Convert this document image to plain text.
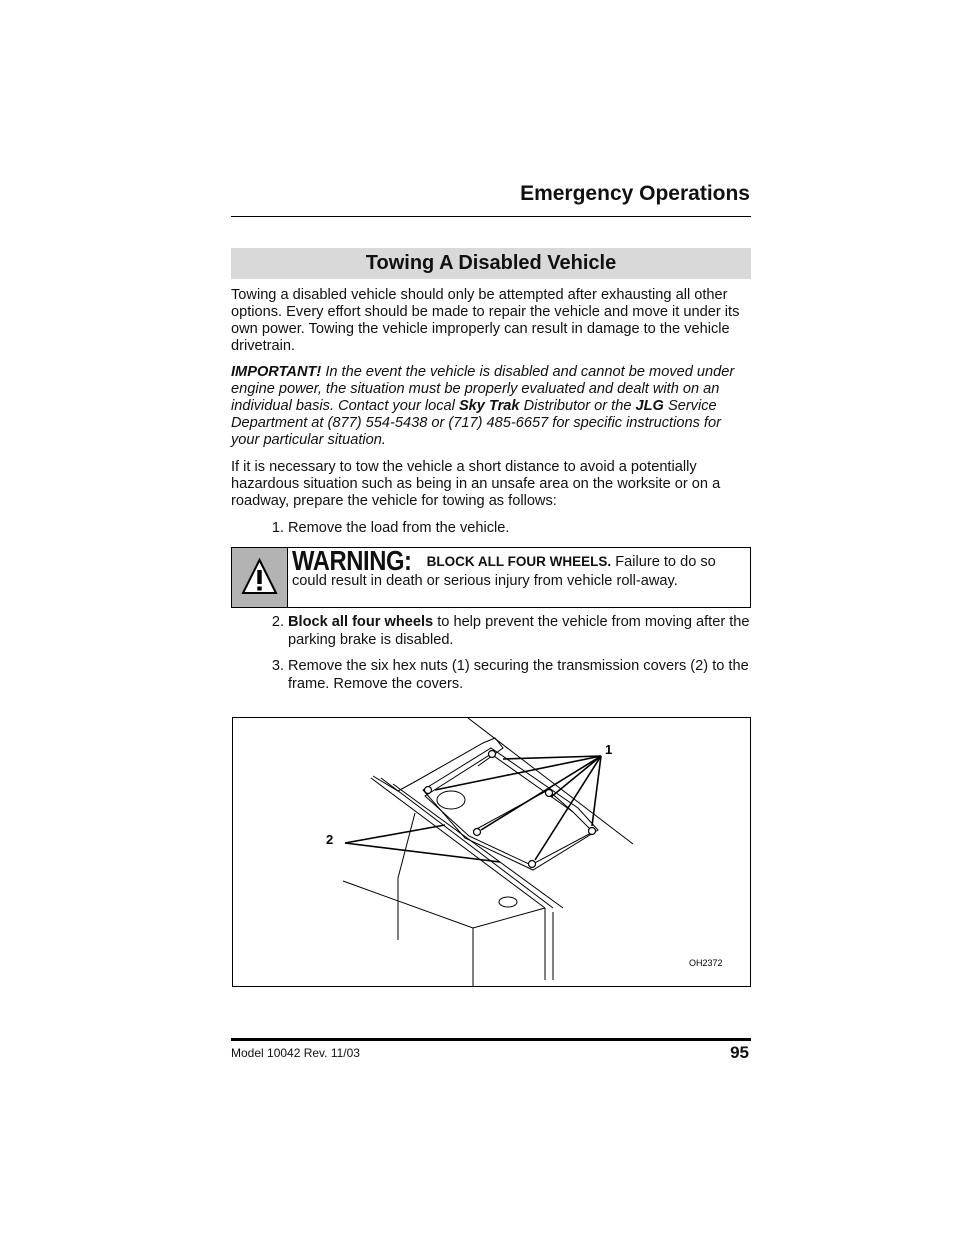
Emergency Operations
Towing A Disabled Vehicle

Towing a disabled vehicle should only be attempted after exhausting all other options. Every effort should be made to repair the vehicle and move it under its own power. Towing the vehicle improperly can result in damage to the vehicle drivetrain.

IMPORTANT! In the event the vehicle is disabled and cannot be moved under engine power, the situation must be properly evaluated and dealt with on an individual basis. Contact your local Sky Trak Distributor or the JLG Service Department at (877) 554-5438 or (717) 485-6657 for specific instructions for your particular situation.

If it is necessary to tow the vehicle a short distance to avoid a potentially hazardous situation such as being in an unsafe area on the worksite or on a roadway, prepare the vehicle for towing as follows:

1. Remove the load from the vehicle.
WARNING: BLOCK ALL FOUR WHEELS. Failure to do so could result in death or serious injury from vehicle roll-away.
2. Block all four wheels to help prevent the vehicle from moving after the parking brake is disabled.
3. Remove the six hex nuts (1) securing the transmission covers (2) to the frame. Remove the covers.
1
2
OH2372
Model 10042 Rev. 11/03	95
